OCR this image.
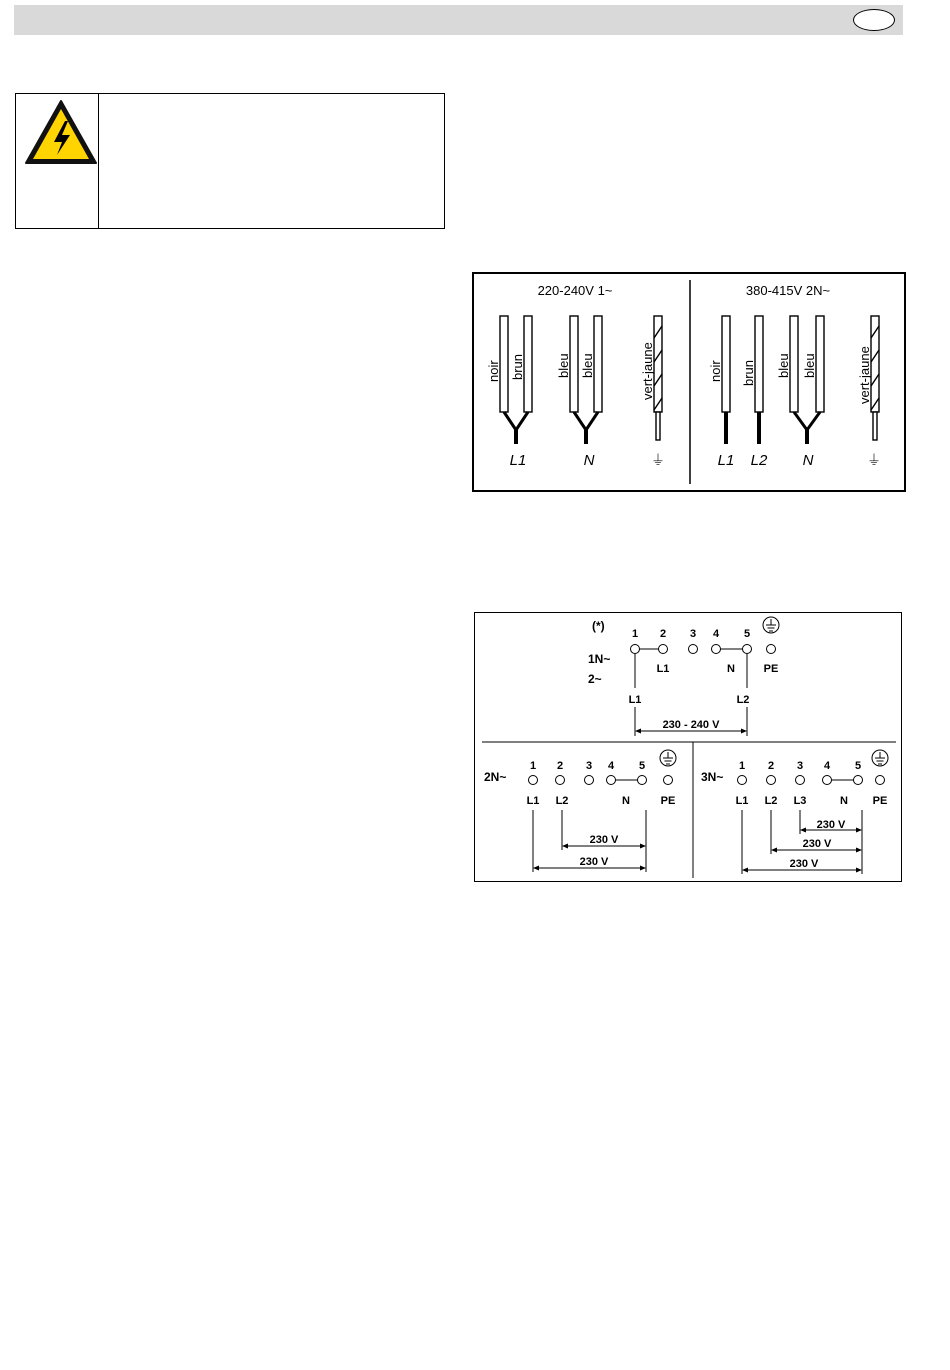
220-240V 1~	380-415V 2N~
noir brun bleu bleu	vert-jaune
L1	N	⏚
noir brun bleu bleu	vert-jaune
L1 L2 N	⏚
(*)
1 2 3 4 5
1N~
2~
L1	N	PE
L1	L2
230 - 240 V
2N~
1 2 3 4 5
L1 L2	N	PE
230 V
230 V
3N~
1 2 3 4 5
L1 L2 L3	N PE
230 V
230 V
230 V
